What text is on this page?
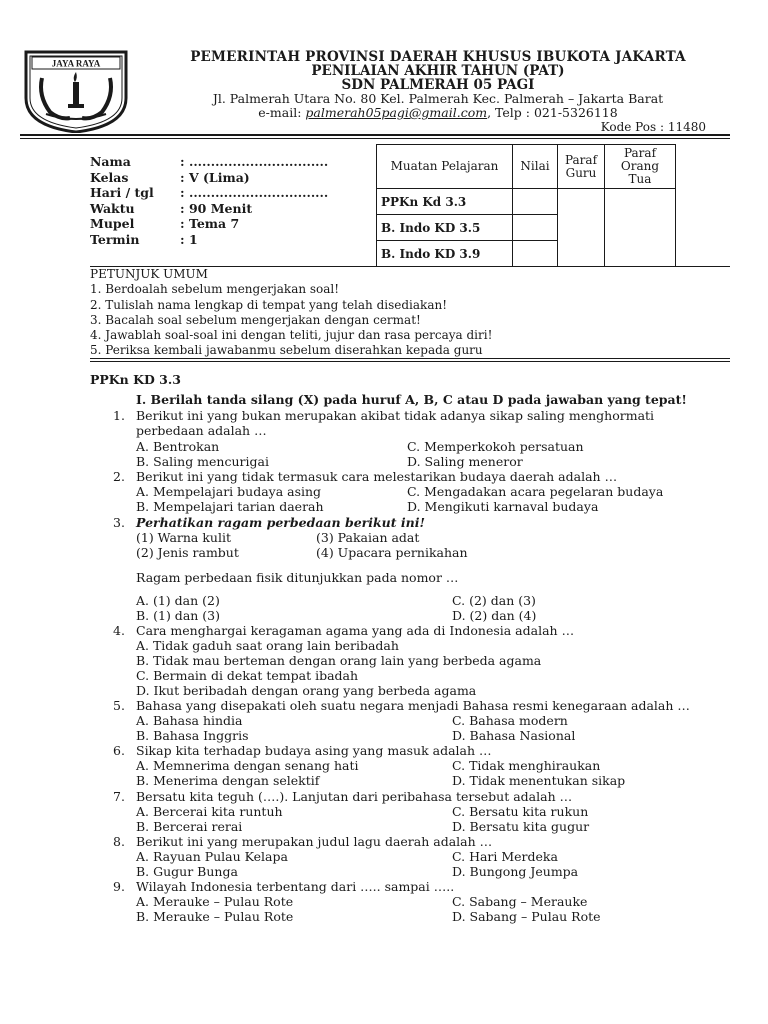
JAYA RAYA	PEMERINTAH PROVINSI DAERAH KHUSUS IBUKOTA JAKARTA
PENILAIAN AKHIR TAHUN (PAT)
SDN PALMERAH 05 PAGI
Jl. Palmerah Utara No. 80 Kel. Palmerah Kec. Palmerah – Jakarta Barat
e-mail: palmerah05pagi@gmail.com, Telp : 021-5326118
Kode Pos : 11480
Nama	: ................................
Kelas	: V (Lima)
Hari / tgl	: ................................
Waktu	: 90 Menit
Mupel	: Tema 7
Termin	: 1
Muatan Pelajaran	Nilai	Paraf Guru	Paraf Orang Tua
PPKn Kd 3.3			
B. Indo KD 3.5			
B. Indo KD 3.9			
PETUNJUK UMUM
1. Berdoalah sebelum mengerjakan soal!
2. Tulislah nama lengkap di tempat yang telah disediakan!
3. Bacalah soal sebelum mengerjakan dengan cermat!
4. Jawablah soal-soal ini dengan teliti, jujur dan rasa percaya diri!
5. Periksa kembali jawabanmu sebelum diserahkan kepada guru
PPKn KD 3.3
I. Berilah tanda silang (X) pada huruf A, B, C atau D pada jawaban yang tepat!
1. Berikut ini yang bukan merupakan akibat tidak adanya sikap saling menghormati perbedaan adalah …
A. Bentrokan	C. Memperkokoh persatuan
B. Saling mencurigai	D. Saling meneror
2. Berikut ini yang tidak termasuk cara melestarikan budaya daerah adalah …
A. Mempelajari budaya asing	C. Mengadakan acara pegelaran budaya
B. Mempelajari tarian daerah	D. Mengikuti karnaval budaya
3. Perhatikan ragam perbedaan berikut ini!
(1) Warna kulit	(3) Pakaian adat
(2) Jenis rambut	(4) Upacara pernikahan
Ragam perbedaan fisik ditunjukkan pada nomor …
A. (1) dan (2)	C. (2) dan (3)
B. (1) dan (3)	D. (2) dan (4)
4. Cara menghargai keragaman agama yang ada di Indonesia adalah …
A. Tidak gaduh saat orang lain beribadah
B. Tidak mau berteman dengan orang lain yang berbeda agama
C. Bermain di dekat tempat ibadah
D. Ikut beribadah dengan orang yang berbeda agama
5. Bahasa yang disepakati oleh suatu negara menjadi Bahasa resmi kenegaraan adalah …
A. Bahasa hindia	C. Bahasa modern
B. Bahasa Inggris	D. Bahasa Nasional
6. Sikap kita terhadap budaya asing yang masuk adalah …
A. Memnerima dengan senang hati	C. Tidak menghiraukan
B. Menerima dengan selektif	D. Tidak menentukan sikap
7. Bersatu kita teguh (….). Lanjutan dari peribahasa tersebut adalah …
A. Bercerai kita runtuh	C. Bersatu kita rukun
B. Bercerai rerai	D. Bersatu kita gugur
8. Berikut ini yang merupakan judul lagu daerah adalah …
A. Rayuan Pulau Kelapa	C. Hari Merdeka
B. Gugur Bunga	D. Bungong Jeumpa
9. Wilayah Indonesia terbentang dari ….. sampai …..
A. Merauke – Pulau Rote	C. Sabang – Merauke
B. Merauke – Pulau Rote	D. Sabang – Pulau Rote
